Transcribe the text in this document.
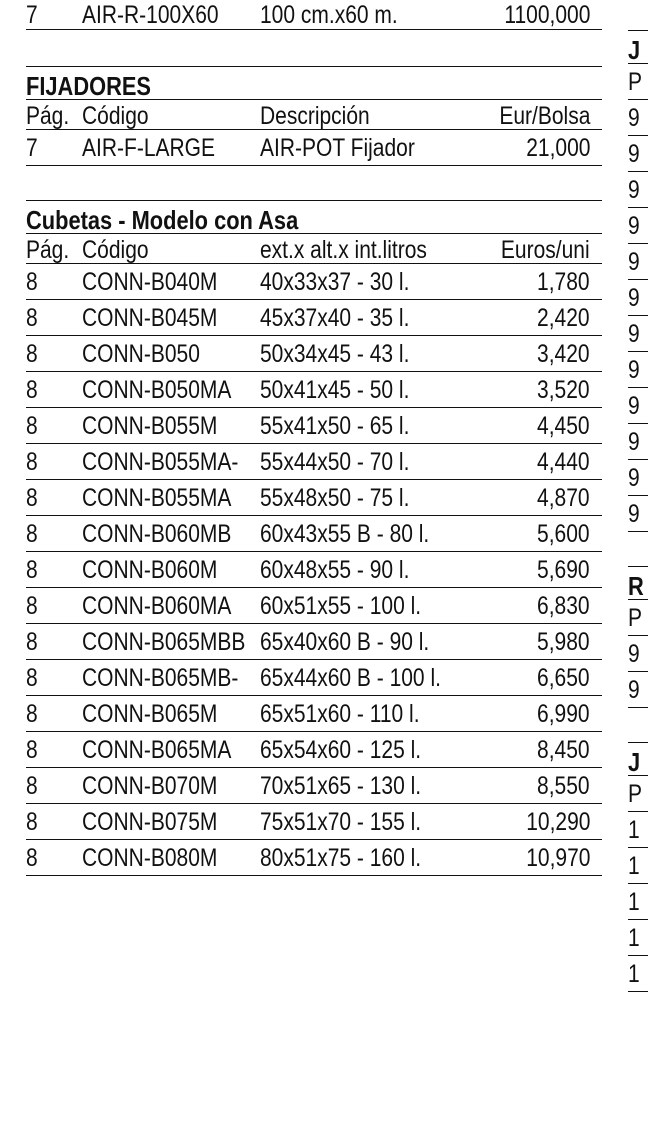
7	AIR-R-100X60	100 cm.x60 m.	1100,000
FIJADORES
Pág. Código	Descripción	Eur/Bolsa
7	AIR-F-LARGE	AIR-POT Fijador	21,000
Cubetas - Modelo con Asa
Pág. Código	ext.x alt.x int.litros	Euros/uni
8	CONN-B040M	40x33x37 - 30 l.	1,780
8	CONN-B045M	45x37x40 - 35 l.	2,420
8	CONN-B050	50x34x45 - 43 l.	3,420
8	CONN-B050MA	50x41x45 - 50 l.	3,520
8	CONN-B055M	55x41x50 - 65 l.	4,450
8	CONN-B055MA- 55x44x50 - 70 l.	4,440
8	CONN-B055MA	55x48x50 - 75 l.	4,870
8	CONN-B060MB	60x43x55 B - 80 l.	5,600
8	CONN-B060M	60x48x55 - 90 l.	5,690
8	CONN-B060MA	60x51x55 - 100 l.	6,830
8	CONN-B065MBB 65x40x60 B - 90 l.	5,980
8	CONN-B065MB- 65x44x60 B - 100 l.	6,650
8	CONN-B065M	65x51x60 - 110 l.	6,990
8	CONN-B065MA	65x54x60 - 125 l.	8,450
8	CONN-B070M	70x51x65 - 130 l.	8,550
8	CONN-B075M	75x51x70 - 155 l.	10,290
8	CONN-B080M	80x51x75 - 160 l.	10,970
J
P
9
9
9
9
9
9
9
9
9
9
9
9
R
P
9
9
J
P
1
1
1
1
1
